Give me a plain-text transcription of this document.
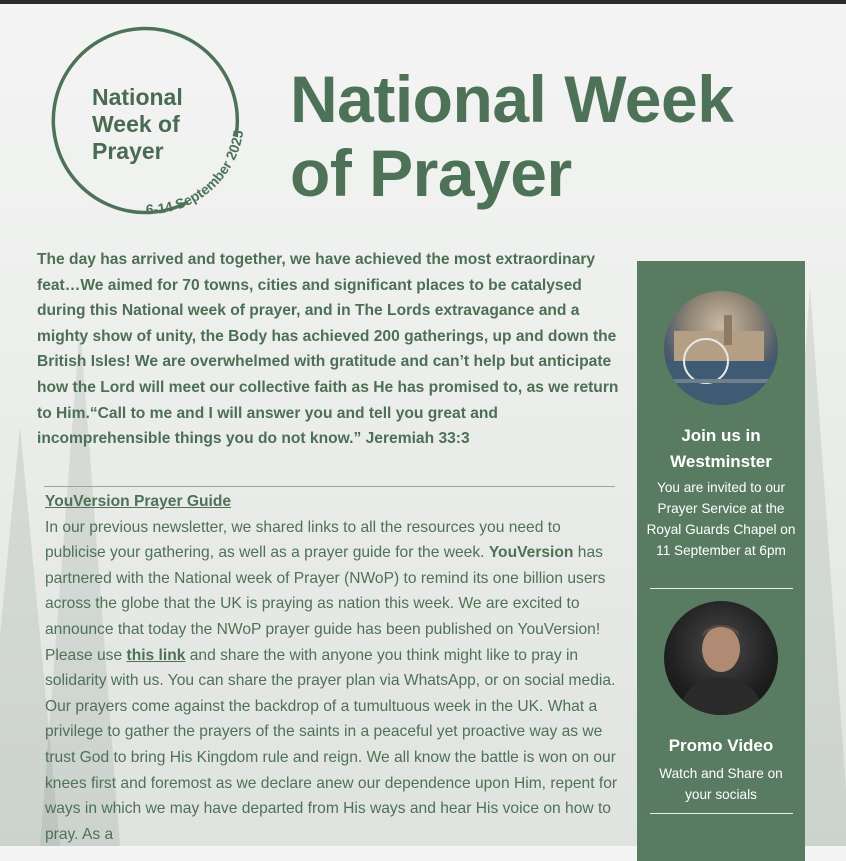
6-14 September 2025
National
Week of
Prayer
National Week
of Prayer
The day has arrived and together, we have achieved the most extraordinary feat…We aimed for 70 towns, cities and significant places to be catalysed during this National week of prayer, and in The Lords extravagance and a mighty show of unity, the Body has achieved 200 gatherings, up and down the British Isles! We are overwhelmed with gratitude and can’t help but anticipate how the Lord will meet our collective faith as He has promised to, as we return to Him.“Call to me and I will answer you and tell you great and incomprehensible things you do not know.” Jeremiah 33:3
YouVersion Prayer Guide
In our previous newsletter, we shared links to all the resources you need to publicise your gathering, as well as a prayer guide for the week. YouVersion has partnered with the National week of Prayer (NWoP) to remind its one billion users across the globe that the UK is praying as nation this week. We are excited to announce that today the NWoP prayer guide has been published on YouVersion! Please use this link and share the with anyone you think might like to pray in solidarity with us. You can share the prayer plan via WhatsApp, or on social media. Our prayers come against the backdrop of a tumultuous week in the UK. What a privilege to gather the prayers of the saints in a peaceful yet proactive way as we trust God to bring His Kingdom rule and reign. We all know the battle is won on our knees first and foremost as we declare anew our dependence upon Him, repent for ways in which we may have departed from His ways and hear His voice on how to pray. As a
Join us in Westminster
You are invited to our Prayer Service at the Royal Guards Chapel on 11 September at 6pm
Promo Video
Watch and Share on your socials
